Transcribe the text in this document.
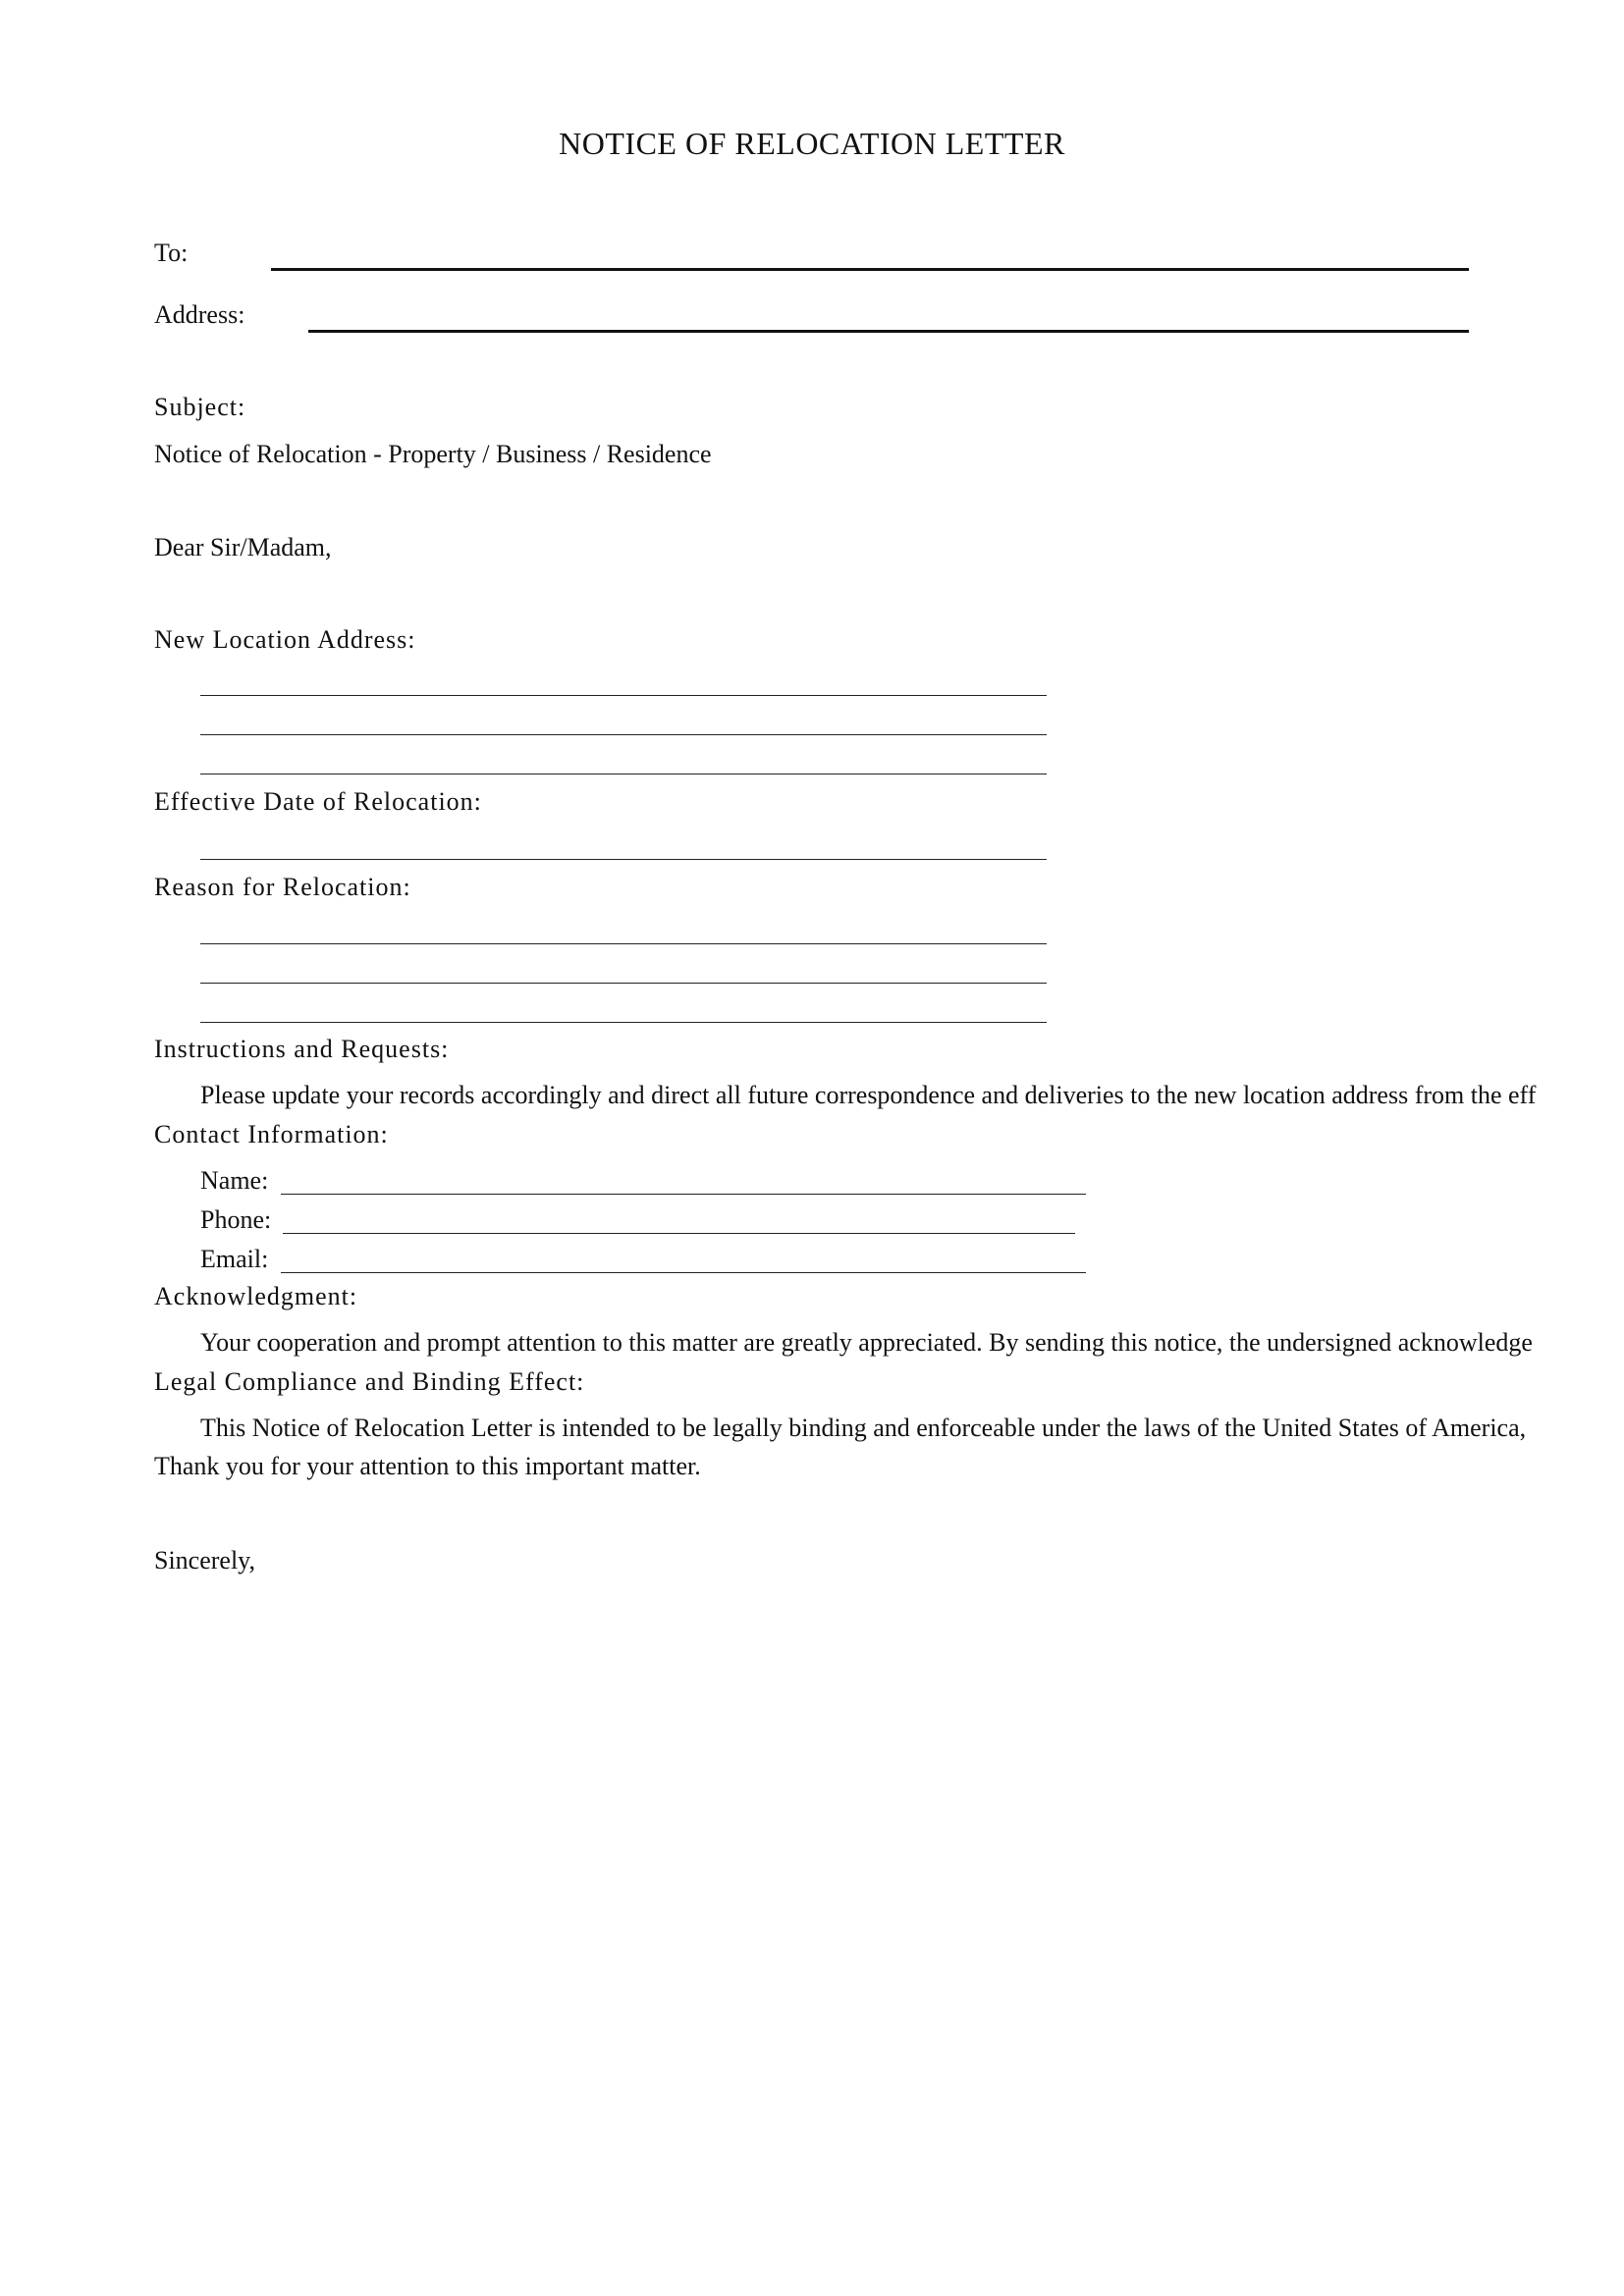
NOTICE OF RELOCATION LETTER
To:
Address:
Subject:
Notice of Relocation - Property / Business / Residence
Dear Sir/Madam,
New Location Address:
Effective Date of Relocation:
Reason for Relocation:
Instructions and Requests:
Please update your records accordingly and direct all future correspondence and deliveries to the new location address from the eff
Contact Information:
Name:
Phone:
Email:
Acknowledgment:
Your cooperation and prompt attention to this matter are greatly appreciated. By sending this notice, the undersigned acknowledge
Legal Compliance and Binding Effect:
This Notice of Relocation Letter is intended to be legally binding and enforceable under the laws of the United States of America,
Thank you for your attention to this important matter.
Sincerely,
